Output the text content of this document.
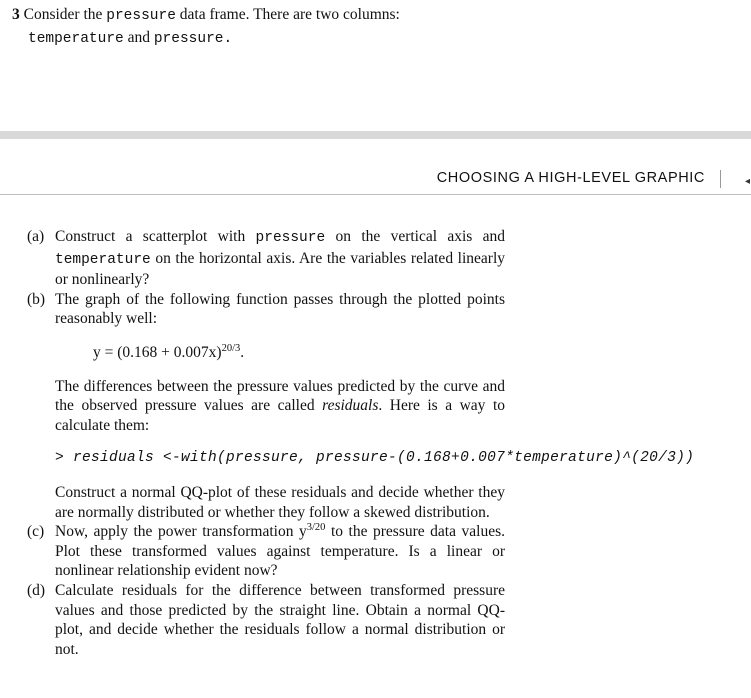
3 Consider the pressure data frame. There are two columns:
temperature and pressure.
CHOOSING A HIGH-LEVEL GRAPHIC	◂
(a) Construct a scatterplot with pressure on the vertical axis and temperature on the horizontal axis. Are the variables related linearly or nonlinearly?
(b) The graph of the following function passes through the plotted points reasonably well:
$y = (0.168 + 0.007x)^{20/3}$.
The differences between the pressure values predicted by the curve and the observed pressure values are called residuals. Here is a way to calculate them:
> residuals <-with(pressure, pressure-(0.168+0.007*temperature)^(20/3))
Construct a normal QQ-plot of these residuals and decide whether they are normally distributed or whether they follow a skewed distribution.
(c) Now, apply the power transformation $y^{3/20}$ to the pressure data values. Plot these transformed values against temperature. Is a linear or nonlinear relationship evident now?
(d) Calculate residuals for the difference between transformed pressure values and those predicted by the straight line. Obtain a normal QQ-plot, and decide whether the residuals follow a normal distribution or not.
